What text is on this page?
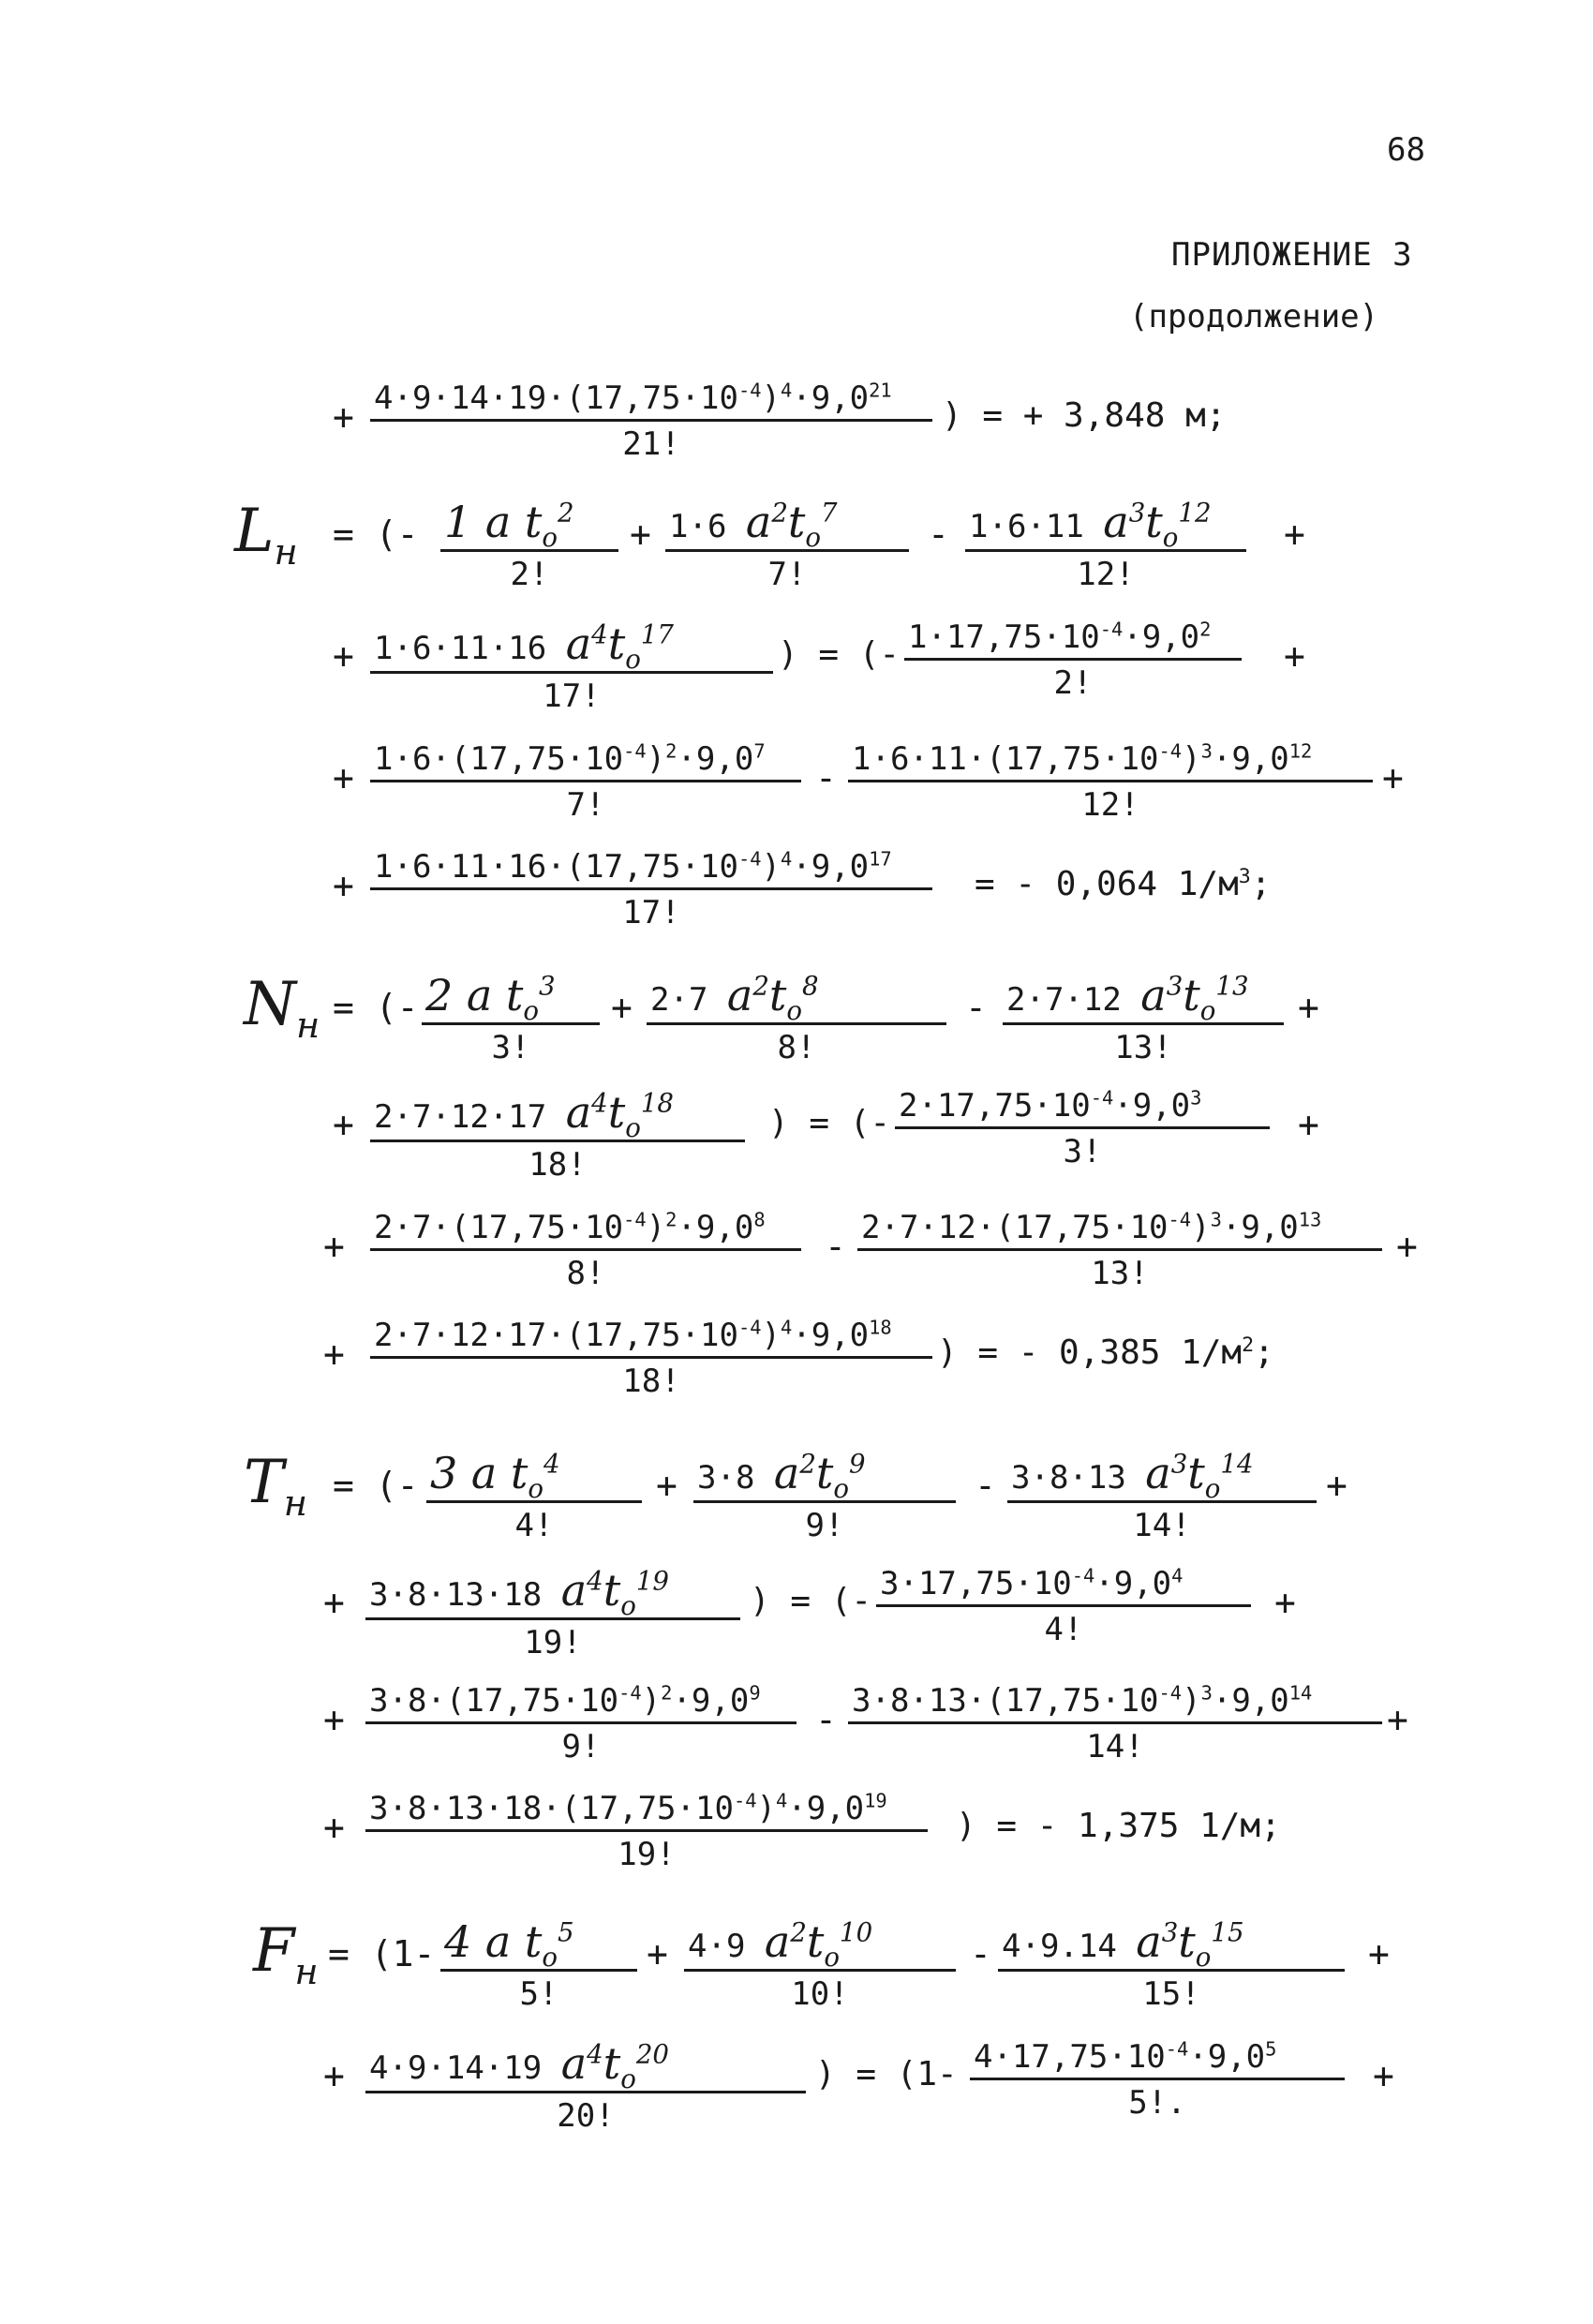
68
ПРИЛОЖЕНИЕ 3
(продолжение)
+ $\frac{4\cdot 9\cdot 14\cdot 19\cdot(17,75\cdot 10^{-4})^4\cdot 9,0^{21}}{21!}$ ) = + 3,848 м;
$L_н$ = (- $\frac{1 a t_o^2}{2!} + \frac{1\cdot 6 a^2t_o^7}{7!} - \frac{1\cdot 6\cdot 11 a^3t_o^{12}}{12!}$ +
+ $\frac{1\cdot 6\cdot 11\cdot 16 a^4t_o^{17}}{17!}$ ) = (- $\frac{1\cdot 17,75\cdot 10^{-4}\cdot 9,0^2}{2!}$ +
+ $\frac{1\cdot 6\cdot(17,75\cdot 10^{-4})^2\cdot 9,0^7}{7!} - \frac{1\cdot 6\cdot 11\cdot(17,75\cdot 10^{-4})^3\cdot 9,0^{12}}{12!}$ +
+ $\frac{1\cdot 6\cdot 11\cdot 16\cdot(17,75\cdot 10^{-4})^4\cdot 9,0^{17}}{17!}$ = - 0,064 $1/м^3$;
$N_н$ = (- $\frac{2 a t_o^3}{3!} + \frac{2\cdot 7 a^2t_o^8}{8!} - \frac{2\cdot 7\cdot 12 a^3t_o^{13}}{13!}$ +
+ $\frac{2\cdot 7\cdot 12\cdot 17 a^4t_o^{18}}{18!}$ ) = (- $\frac{2\cdot 17,75\cdot 10^{-4}\cdot 9,0^3}{3!}$ +
+ $\frac{2\cdot 7\cdot(17,75\cdot 10^{-4})^2\cdot 9,0^8}{8!} - \frac{2\cdot 7\cdot 12\cdot(17,75\cdot 10^{-4})^3\cdot 9,0^{13}}{13!}$ +
+ $\frac{2\cdot 7\cdot 12\cdot 17\cdot(17,75\cdot 10^{-4})^4\cdot 9,0^{18}}{18!}$ ) = - 0,385 $1/м^2$;
$T_н$ = (- $\frac{3 a t_o^4}{4!} + \frac{3\cdot 8 a^2t_o^9}{9!} - \frac{3\cdot 8\cdot 13 a^3t_o^{14}}{14!}$ +
+ $\frac{3\cdot 8\cdot 13\cdot 18 a^4t_o^{19}}{19!}$ ) = (- $\frac{3\cdot 17,75\cdot 10^{-4}\cdot 9,0^4}{4!}$ +
+ $\frac{3\cdot 8\cdot(17,75\cdot 10^{-4})^2\cdot 9,0^9}{9!} - \frac{3\cdot 8\cdot 13\cdot(17,75\cdot 10^{-4})^3\cdot 9,0^{14}}{14!}$ +
+ $\frac{3\cdot 8\cdot 13\cdot 18\cdot(17,75\cdot 10^{-4})^4\cdot 9,0^{19}}{19!}$ ) = - 1,375 1/м;
$F_н = (1- \frac{4 a t_o^5}{5!} + \frac{4\cdot 9 a^2t_o^{10}}{10!} - \frac{4\cdot 9.14 a^3t_o^{15}}{15!}$ +
+ $\frac{4\cdot 9\cdot 14\cdot 19 a^4t_o^{20}}{20!}$ ) = ($1- \frac{4\cdot 17,75\cdot 10^{-4}\cdot 9,0^5}{5!.}$ +
